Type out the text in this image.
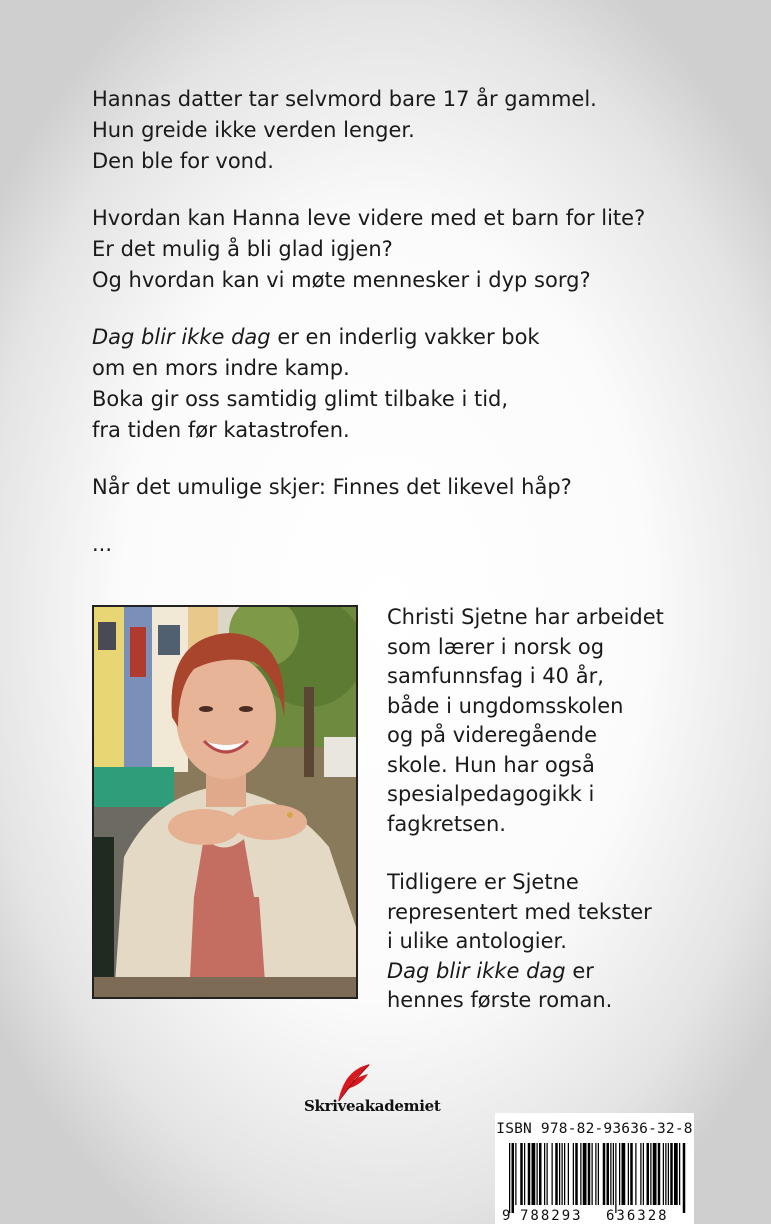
Hannas datter tar selvmord bare 17 år gammel.
Hun greide ikke verden lenger.
Den ble for vond.

Hvordan kan Hanna leve videre med et barn for lite?
Er det mulig å bli glad igjen?
Og hvordan kan vi møte mennesker i dyp sorg?

Dag blir ikke dag er en inderlig vakker bok
om en mors indre kamp.
Boka gir oss samtidig glimt tilbake i tid,
fra tiden før katastrofen.

Når det umulige skjer: Finnes det likevel håp?

...

Christi Sjetne har arbeidet
som lærer i norsk og
samfunnsfag i 40 år,
både i ungdomsskolen
og på videregående
skole. Hun har også
spesialpedagogikk i
fagkretsen.

Tidligere er Sjetne
representert med tekster
i ulike antologier.
Dag blir ikke dag er
hennes første roman.

Skriveakademiet
ISBN 978-82-93636-32-8
9 788293 636328
